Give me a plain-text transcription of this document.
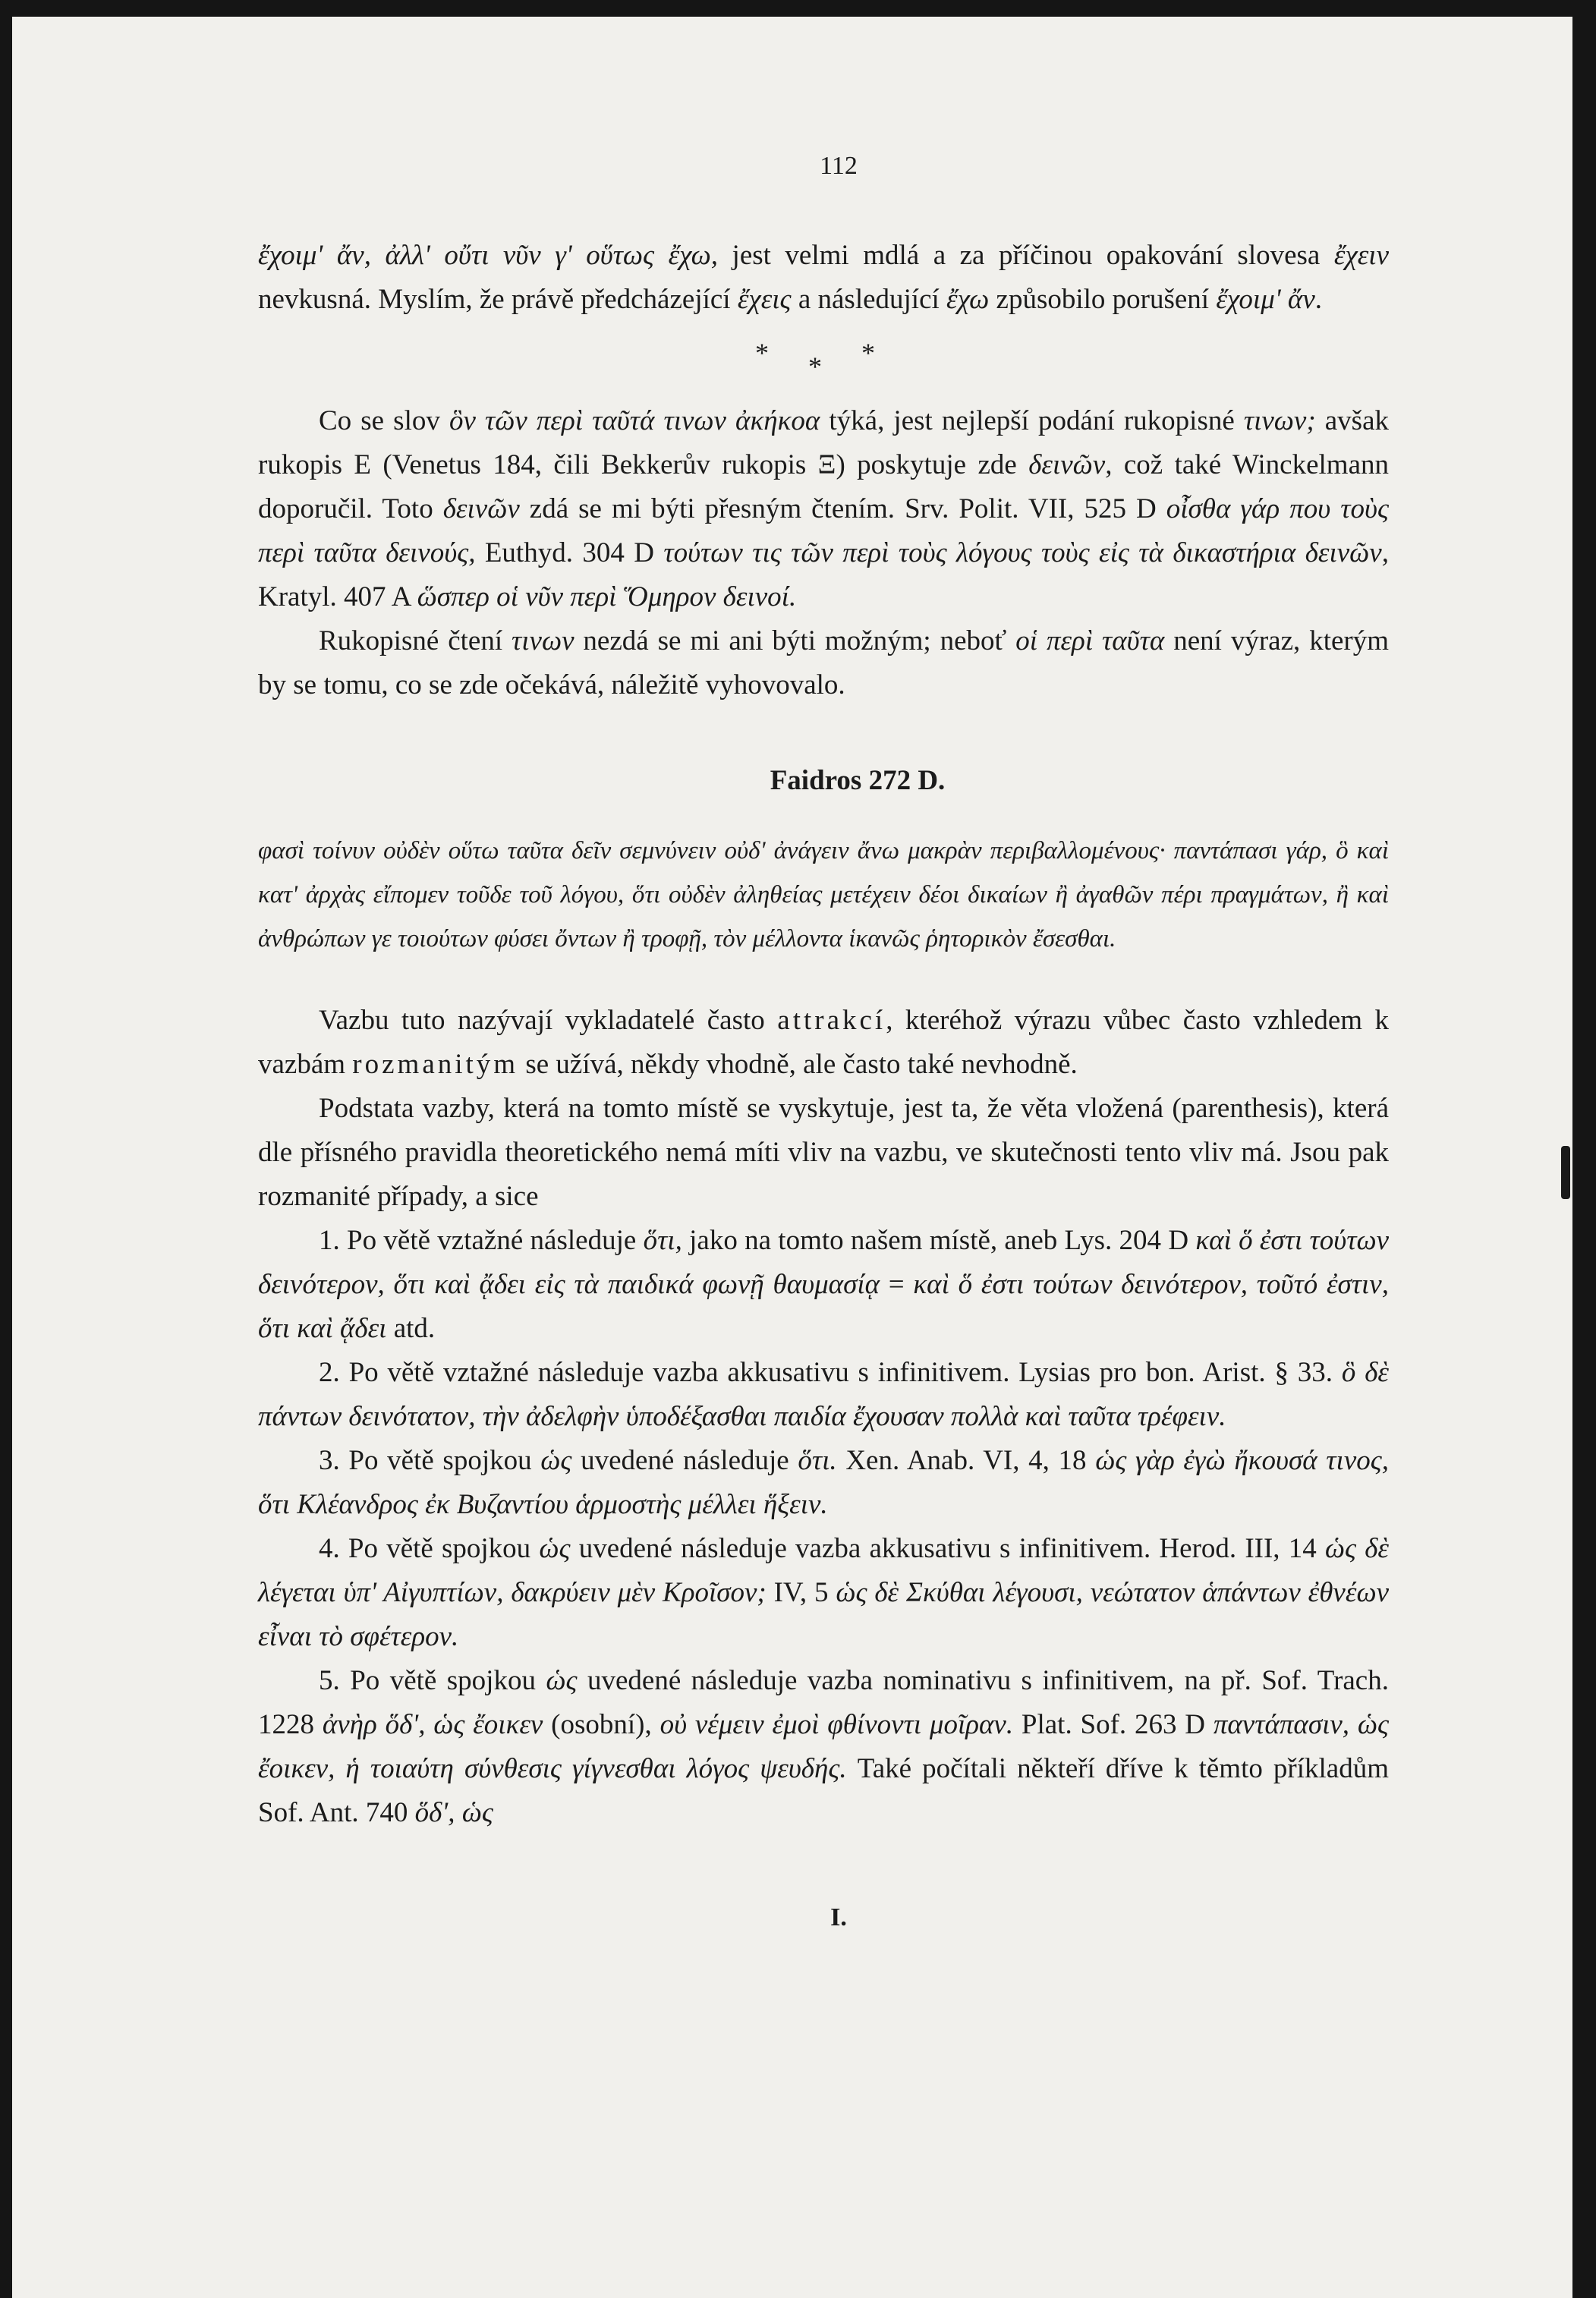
112

ἔχοιμ' ἄν, ἀλλ' οὔτι νῦν γ' οὕτως ἔχω, jest velmi mdlá a za příčinou opakování slovesa ἔχειν nevkusná. Myslím, že právě předcházející ἔχεις a následující ἔχω způsobilo porušení ἔχοιμ' ἄν.

* * *

Co se slov ὃν τῶν περὶ ταῦτά τινων ἀκήκοα týká, jest nejlepší podání rukopisné τινων; avšak rukopis E (Venetus 184, čili Bekkerův rukopis Ξ) poskytuje zde δεινῶν, což také Winckelmann doporučil. Toto δεινῶν zdá se mi býti přesným čtením. Srv. Polit. VII, 525 D οἶσθα γάρ που τοὺς περὶ ταῦτα δεινούς, Euthyd. 304 D τούτων τις τῶν περὶ τοὺς λόγους τοὺς εἰς τὰ δικαστήρια δεινῶν, Kratyl. 407 A ὥσπερ οἱ νῦν περὶ Ὅμηρον δεινοί.

Rukopisné čtení τινων nezdá se mi ani býti možným; neboť οἱ περὶ ταῦτα není výraz, kterým by se tomu, co se zde očekává, náležitě vyhovovalo.

Faidros 272 D.
φασὶ τοίνυν οὐδὲν οὕτω ταῦτα δεῖν σεμνύνειν οὐδ' ἀνάγειν ἄνω μακρὰν περιβαλλομένους· παντάπασι γάρ, ὃ καὶ κατ' ἀρχὰς εἴπομεν τοῦδε τοῦ λόγου, ὅτι οὐδὲν ἀληθείας μετέχειν δέοι δικαίων ἢ ἀγαθῶν πέρι πραγμάτων, ἢ καὶ ἀνθρώπων γε τοιούτων φύσει ὄντων ἢ τροφῇ, τὸν μέλλοντα ἱκανῶς ῥητορικὸν ἔσεσθαι.

Vazbu tuto nazývají vykladatelé často attrakcí, kteréhož výrazu vůbec často vzhledem k vazbám rozmanitým se užívá, někdy vhodně, ale často také nevhodně.

Podstata vazby, která na tomto místě se vyskytuje, jest ta, že věta vložená (parenthesis), která dle přísného pravidla theoretického nemá míti vliv na vazbu, ve skutečnosti tento vliv má. Jsou pak rozmanité případy, a sice

1. Po větě vztažné následuje ὅτι, jako na tomto našem místě, aneb Lys. 204 D καὶ ὅ ἐστι τούτων δεινότερον, ὅτι καὶ ᾄδει εἰς τὰ παιδικά φωνῇ θαυμασίᾳ = καὶ ὅ ἐστι τούτων δεινότερον, τοῦτό ἐστιν, ὅτι καὶ ᾄδει atd.

2. Po větě vztažné následuje vazba akkusativu s infinitivem. Lysias pro bon. Arist. § 33. ὃ δὲ πάντων δεινότατον, τὴν ἀδελφὴν ὑποδέξασθαι παιδία ἔχουσαν πολλὰ καὶ ταῦτα τρέφειν.

3. Po větě spojkou ὡς uvedené následuje ὅτι. Xen. Anab. VI, 4, 18 ὡς γὰρ ἐγὼ ἤκουσά τινος, ὅτι Κλέανδρος ἐκ Βυζαντίου ἁρμοστὴς μέλλει ἥξειν.

4. Po větě spojkou ὡς uvedené následuje vazba akkusativu s infinitivem. Herod. III, 14 ὡς δὲ λέγεται ὑπ' Αἰγυπτίων, δακρύειν μὲν Κροῖσον; IV, 5 ὡς δὲ Σκύθαι λέγουσι, νεώτατον ἁπάντων ἐθνέων εἶναι τὸ σφέτερον.

5. Po větě spojkou ὡς uvedené následuje vazba nominativu s infinitivem, na př. Sof. Trach. 1228 ἀνὴρ ὅδ', ὡς ἔοικεν (osobní), οὐ νέμειν ἐμοὶ φθίνοντι μοῖραν. Plat. Sof. 263 D παντάπασιν, ὡς ἔοικεν, ἡ τοιαύτη σύνθεσις γίγνεσθαι λόγος ψευδής. Také počítali někteří dříve k těmto příkladům Sof. Ant. 740 ὅδ', ὡς

I.
